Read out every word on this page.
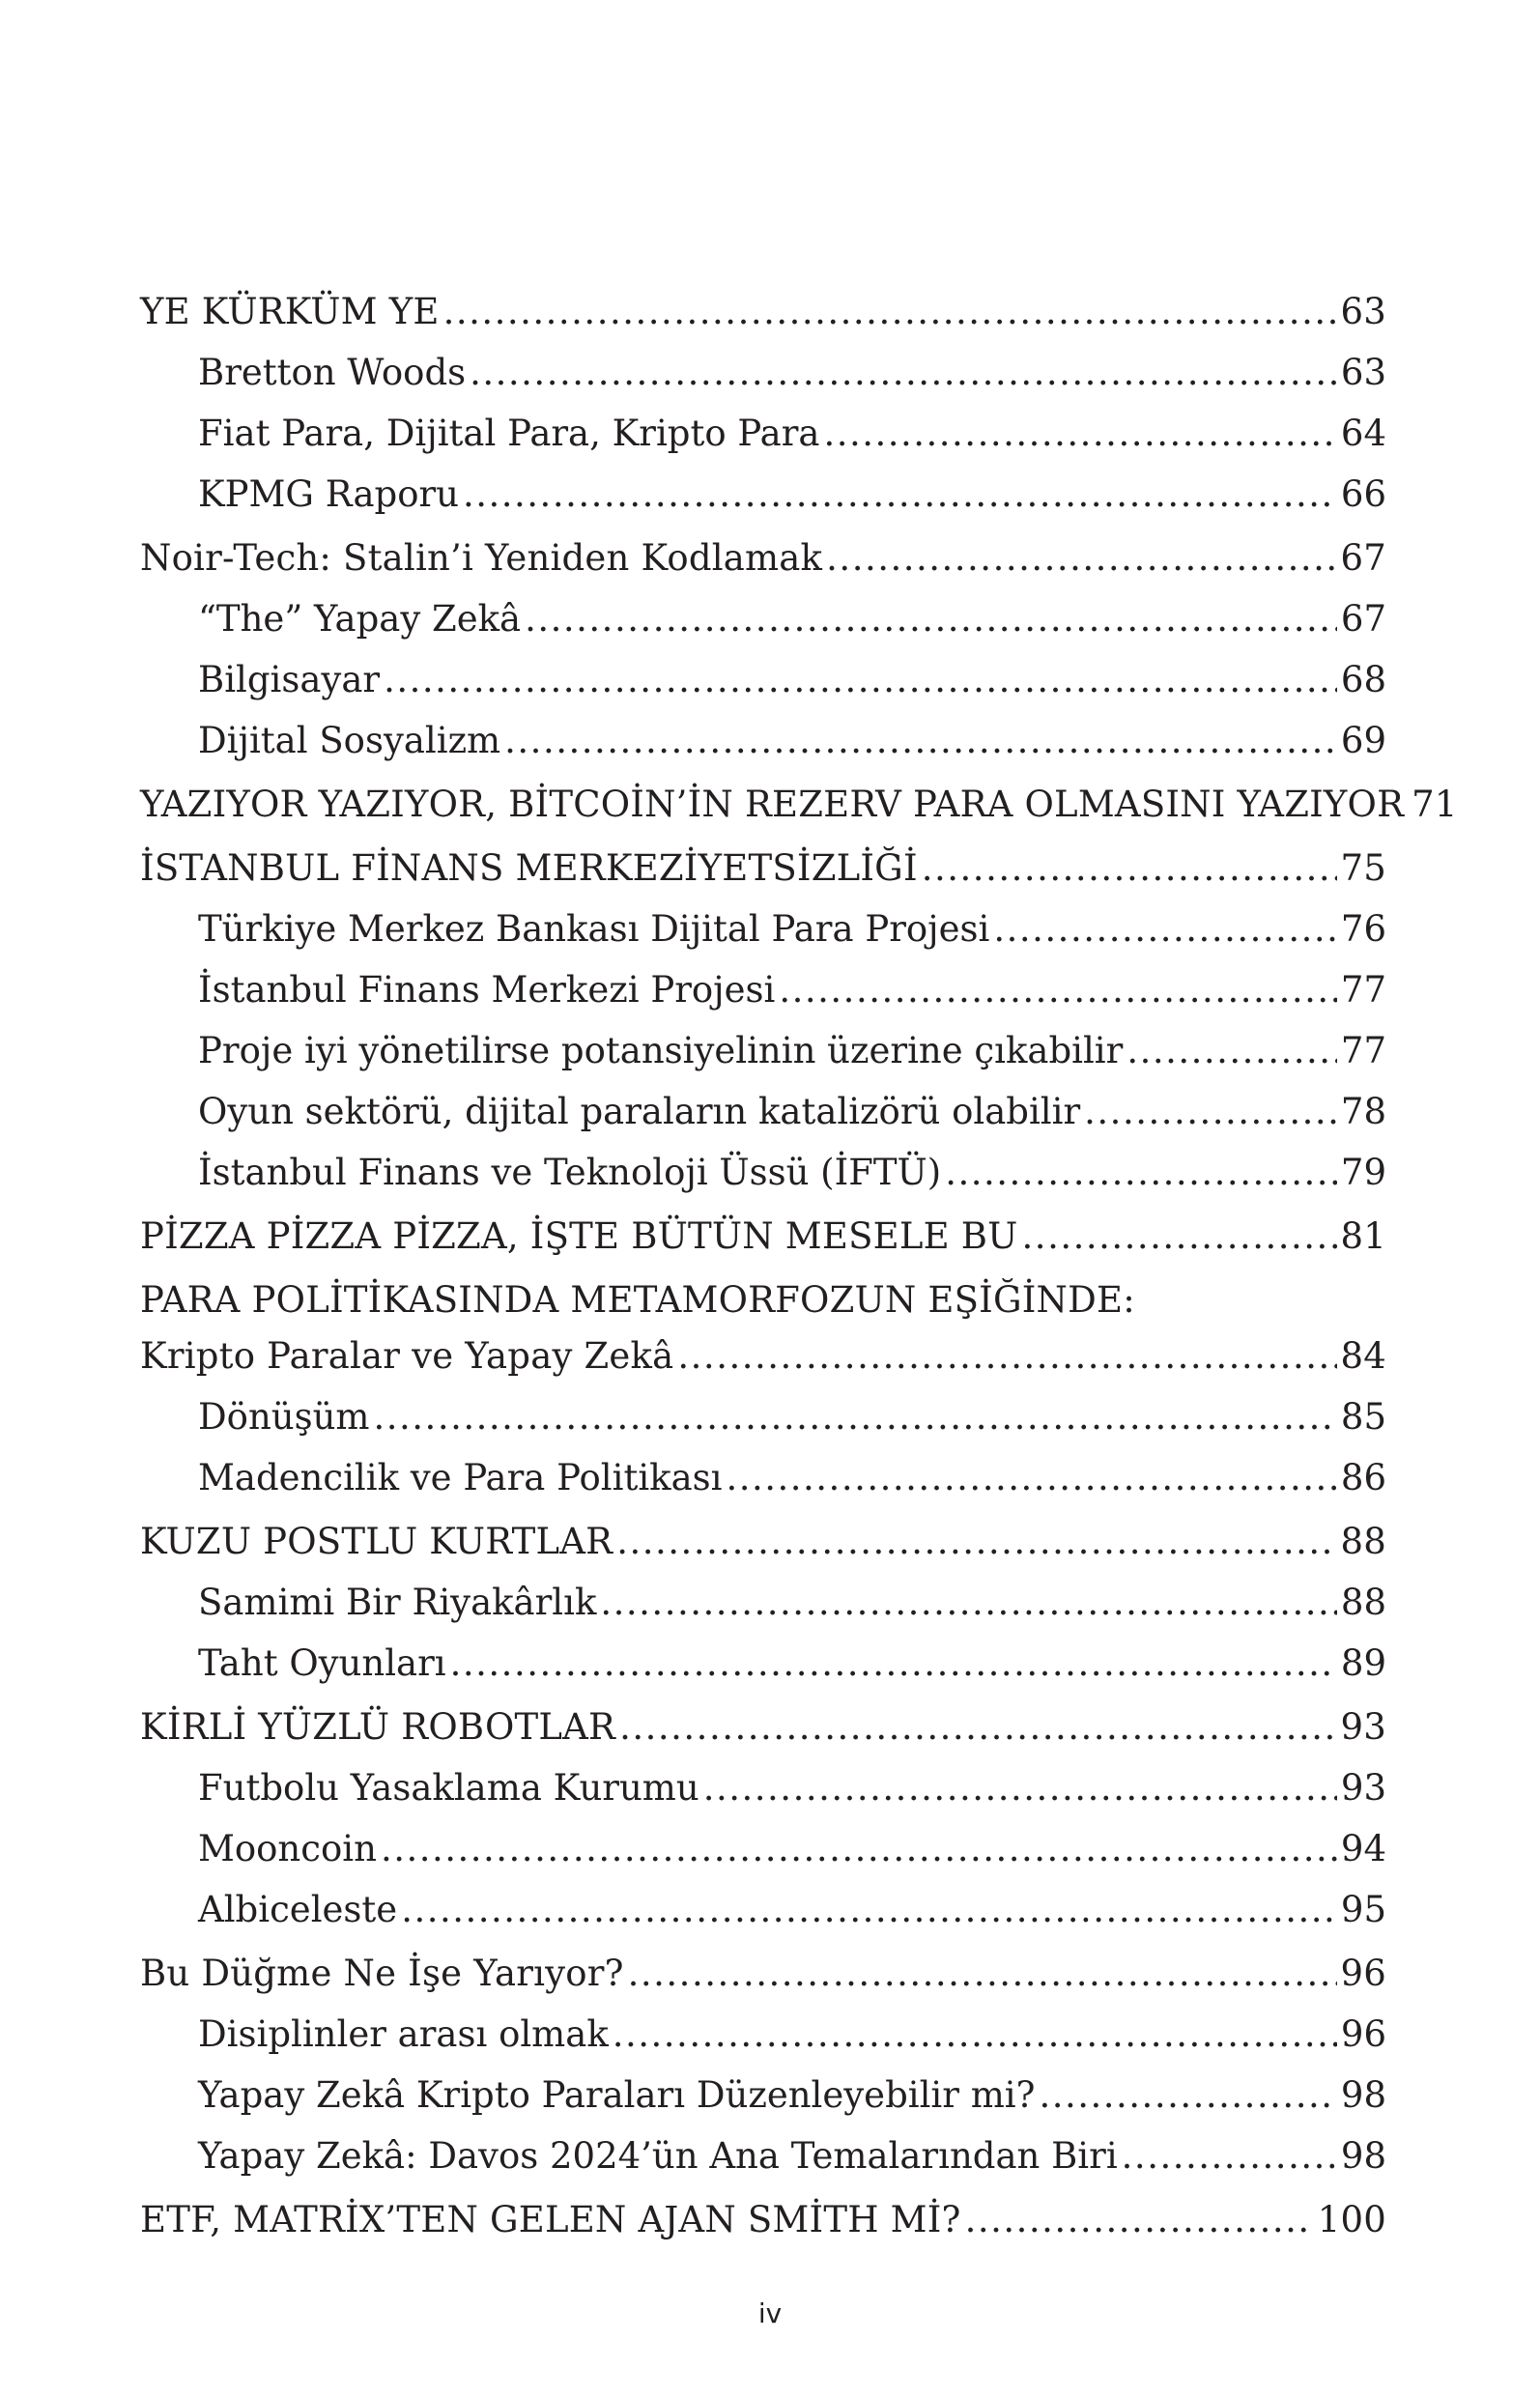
YE KÜRKÜM YE .....	63
Bretton Woods .....	63
Fiat Para, Dijital Para, Kripto Para .....	64
KPMG Raporu .....	66
Noir-Tech: Stalin’i Yeniden Kodlamak .....	67
“The” Yapay Zekâ .....	67
Bilgisayar .....	68
Dijital Sosyalizm .....	69
YAZIYOR YAZIYOR, BİTCOİN’İN REZERV PARA OLMASINI YAZIYOR 71
İSTANBUL FİNANS MERKEZİYETSİZLİĞİ .....	75
Türkiye Merkez Bankası Dijital Para Projesi .....	76
İstanbul Finans Merkezi Projesi .....	77
Proje iyi yönetilirse potansiyelinin üzerine çıkabilir .....	77
Oyun sektörü, dijital paraların katalizörü olabilir .....	78
İstanbul Finans ve Teknoloji Üssü (İFTÜ) .....	79
PİZZA PİZZA PİZZA, İŞTE BÜTÜN MESELE BU .....	81
PARA POLİTİKASINDA METAMORFOZUN EŞİĞİNDE:
Kripto Paralar ve Yapay Zekâ .....	84
Dönüşüm .....	85
Madencilik ve Para Politikası .....	86
KUZU POSTLU KURTLAR .....	88
Samimi Bir Riyakârlık .....	88
Taht Oyunları .....	89
KİRLİ YÜZLÜ ROBOTLAR .....	93
Futbolu Yasaklama Kurumu .....	93
Mooncoin .....	94
Albiceleste .....	95
Bu Düğme Ne İşe Yarıyor? .....	96
Disiplinler arası olmak .....	96
Yapay Zekâ Kripto Paraları Düzenleyebilir mi? .....	98
Yapay Zekâ: Davos 2024’ün Ana Temalarından Biri .....	98
ETF, MATRİX’TEN GELEN AJAN SMİTH Mİ? .....	100
iv
